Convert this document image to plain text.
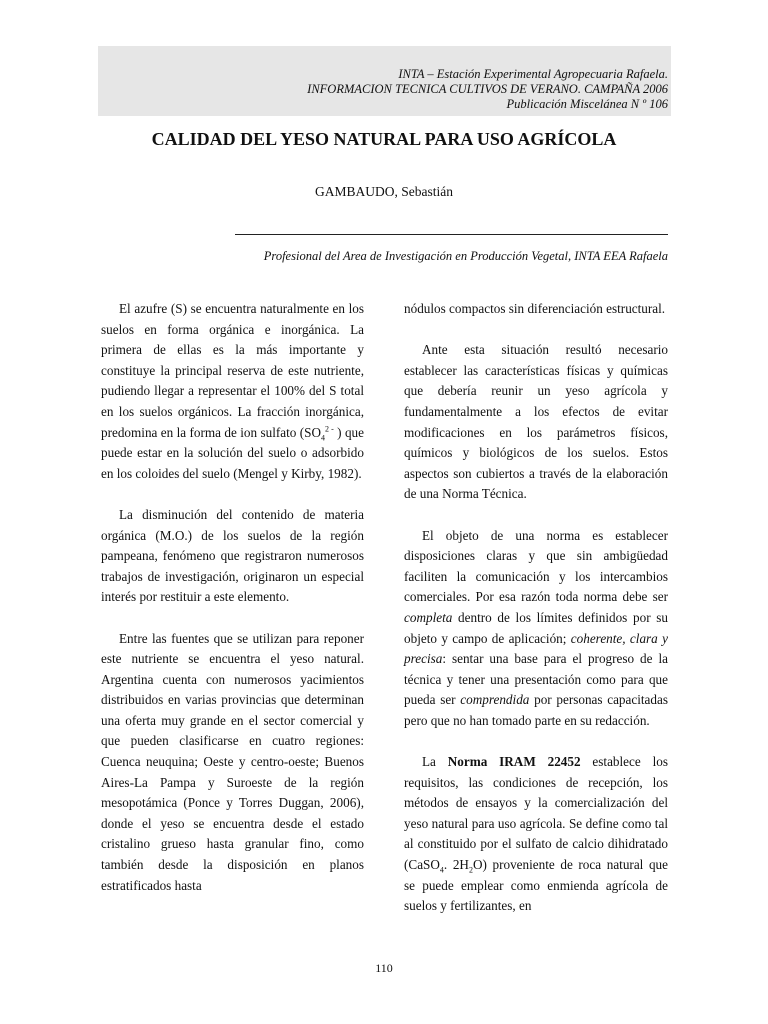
INTA – Estación Experimental Agropecuaria Rafaela.
INFORMACION TECNICA CULTIVOS DE VERANO. CAMPAÑA 2006
Publicación Miscelánea N º 106
CALIDAD DEL YESO NATURAL PARA USO AGRÍCOLA
GAMBAUDO, Sebastián
Profesional del Area de Investigación en Producción Vegetal, INTA EEA Rafaela

El azufre (S) se encuentra naturalmente en los suelos en forma orgánica e inorgánica. La primera de ellas es la más importante y constituye la principal reserva de este nutriente, pudiendo llegar a representar el 100% del S total en los suelos orgánicos. La fracción inorgánica, predomina en la forma de ion sulfato ($SO_4^{2 -}$ ) que puede estar en la solución del suelo o adsorbido en los coloides del suelo (Mengel y Kirby, 1982).

La disminución del contenido de materia orgánica (M.O.) de los suelos de la región pampeana, fenómeno que registraron numerosos trabajos de investigación, originaron un especial interés por restituir a este elemento.

Entre las fuentes que se utilizan para reponer este nutriente se encuentra el yeso natural. Argentina cuenta con numerosos yacimientos distribuidos en varias provincias que determinan una oferta muy grande en el sector comercial y que pueden clasificarse en cuatro regiones: Cuenca neuquina; Oeste y centro-oeste; Buenos Aires-La Pampa y Suroeste de la región mesopotámica (Ponce y Torres Duggan, 2006), donde el yeso se encuentra desde el estado cristalino grueso hasta granular fino, como también desde la disposición en planos estratificados hasta

nódulos compactos sin diferenciación estructural.

Ante esta situación resultó necesario establecer las características físicas y químicas que debería reunir un yeso agrícola y fundamentalmente a los efectos de evitar modificaciones en los parámetros físicos, químicos y biológicos de los suelos. Estos aspectos son cubiertos a través de la elaboración de una Norma Técnica.

El objeto de una norma es establecer disposiciones claras y que sin ambigüedad faciliten la comunicación y los intercambios comerciales. Por esa razón toda norma debe ser completa dentro de los límites definidos por su objeto y campo de aplicación; coherente, clara y precisa: sentar una base para el progreso de la técnica y tener una presentación como para que pueda ser comprendida por personas capacitadas pero que no han tomado parte en su redacción.

La Norma IRAM 22452 establece los requisitos, las condiciones de recepción, los métodos de ensayos y la comercialización del yeso natural para uso agrícola. Se define como tal al constituido por el sulfato de calcio dihidratado (CaSO$_4$. $2H_2O$) proveniente de roca natural que se puede emplear como enmienda agrícola de suelos y fertilizantes, en

110
